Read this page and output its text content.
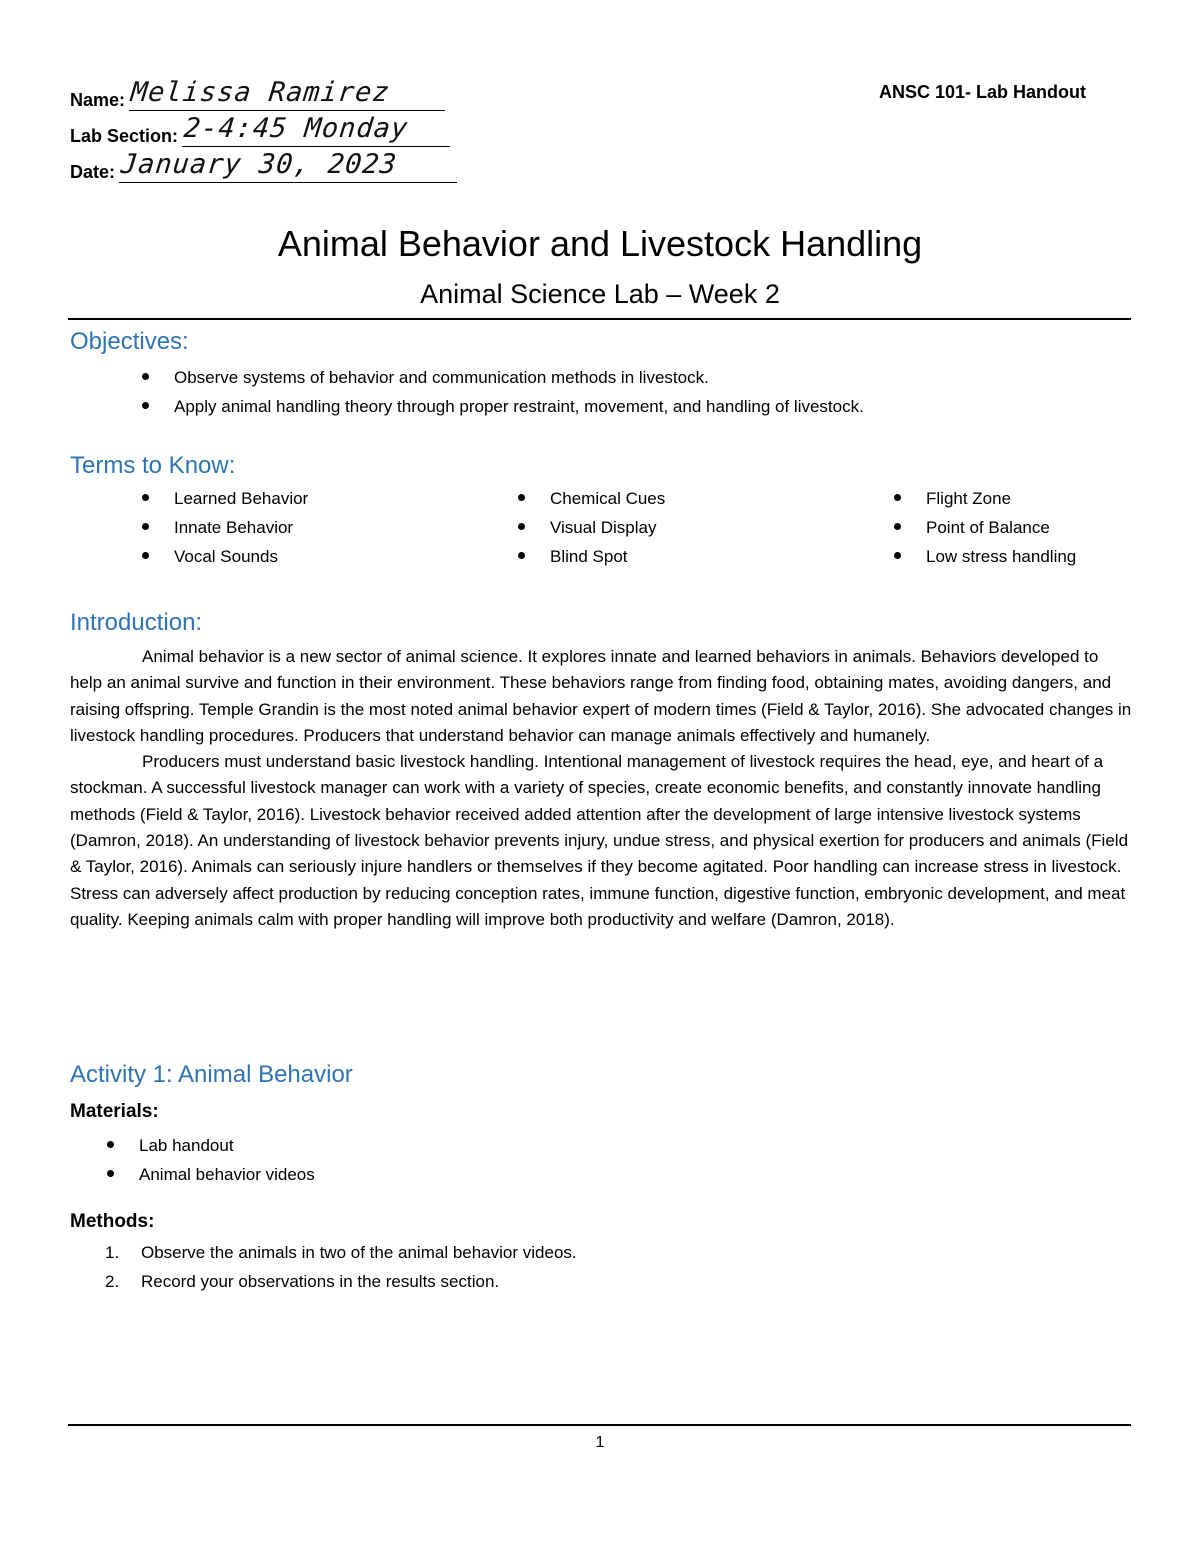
Name: Melissa Ramirez
Lab Section: 2-4:45 Monday
Date: January 30, 2023
ANSC 101- Lab Handout
Animal Behavior and Livestock Handling
Animal Science Lab – Week 2
Objectives:
Observe systems of behavior and communication methods in livestock.
Apply animal handling theory through proper restraint, movement, and handling of livestock.
Terms to Know:
Learned Behavior
Innate Behavior
Vocal Sounds
Chemical Cues
Visual Display
Blind Spot
Flight Zone
Point of Balance
Low stress handling
Introduction:

Animal behavior is a new sector of animal science. It explores innate and learned behaviors in animals. Behaviors developed to help an animal survive and function in their environment. These behaviors range from finding food, obtaining mates, avoiding dangers, and raising offspring. Temple Grandin is the most noted animal behavior expert of modern times (Field & Taylor, 2016). She advocated changes in livestock handling procedures. Producers that understand behavior can manage animals effectively and humanely.

Producers must understand basic livestock handling. Intentional management of livestock requires the head, eye, and heart of a stockman. A successful livestock manager can work with a variety of species, create economic benefits, and constantly innovate handling methods (Field & Taylor, 2016). Livestock behavior received added attention after the development of large intensive livestock systems (Damron, 2018). An understanding of livestock behavior prevents injury, undue stress, and physical exertion for producers and animals (Field & Taylor, 2016). Animals can seriously injure handlers or themselves if they become agitated. Poor handling can increase stress in livestock. Stress can adversely affect production by reducing conception rates, immune function, digestive function, embryonic development, and meat quality. Keeping animals calm with proper handling will improve both productivity and welfare (Damron, 2018).

Activity 1: Animal Behavior
Materials:
Lab handout
Animal behavior videos
Methods:
1. Observe the animals in two of the animal behavior videos.
2. Record your observations in the results section.
1
